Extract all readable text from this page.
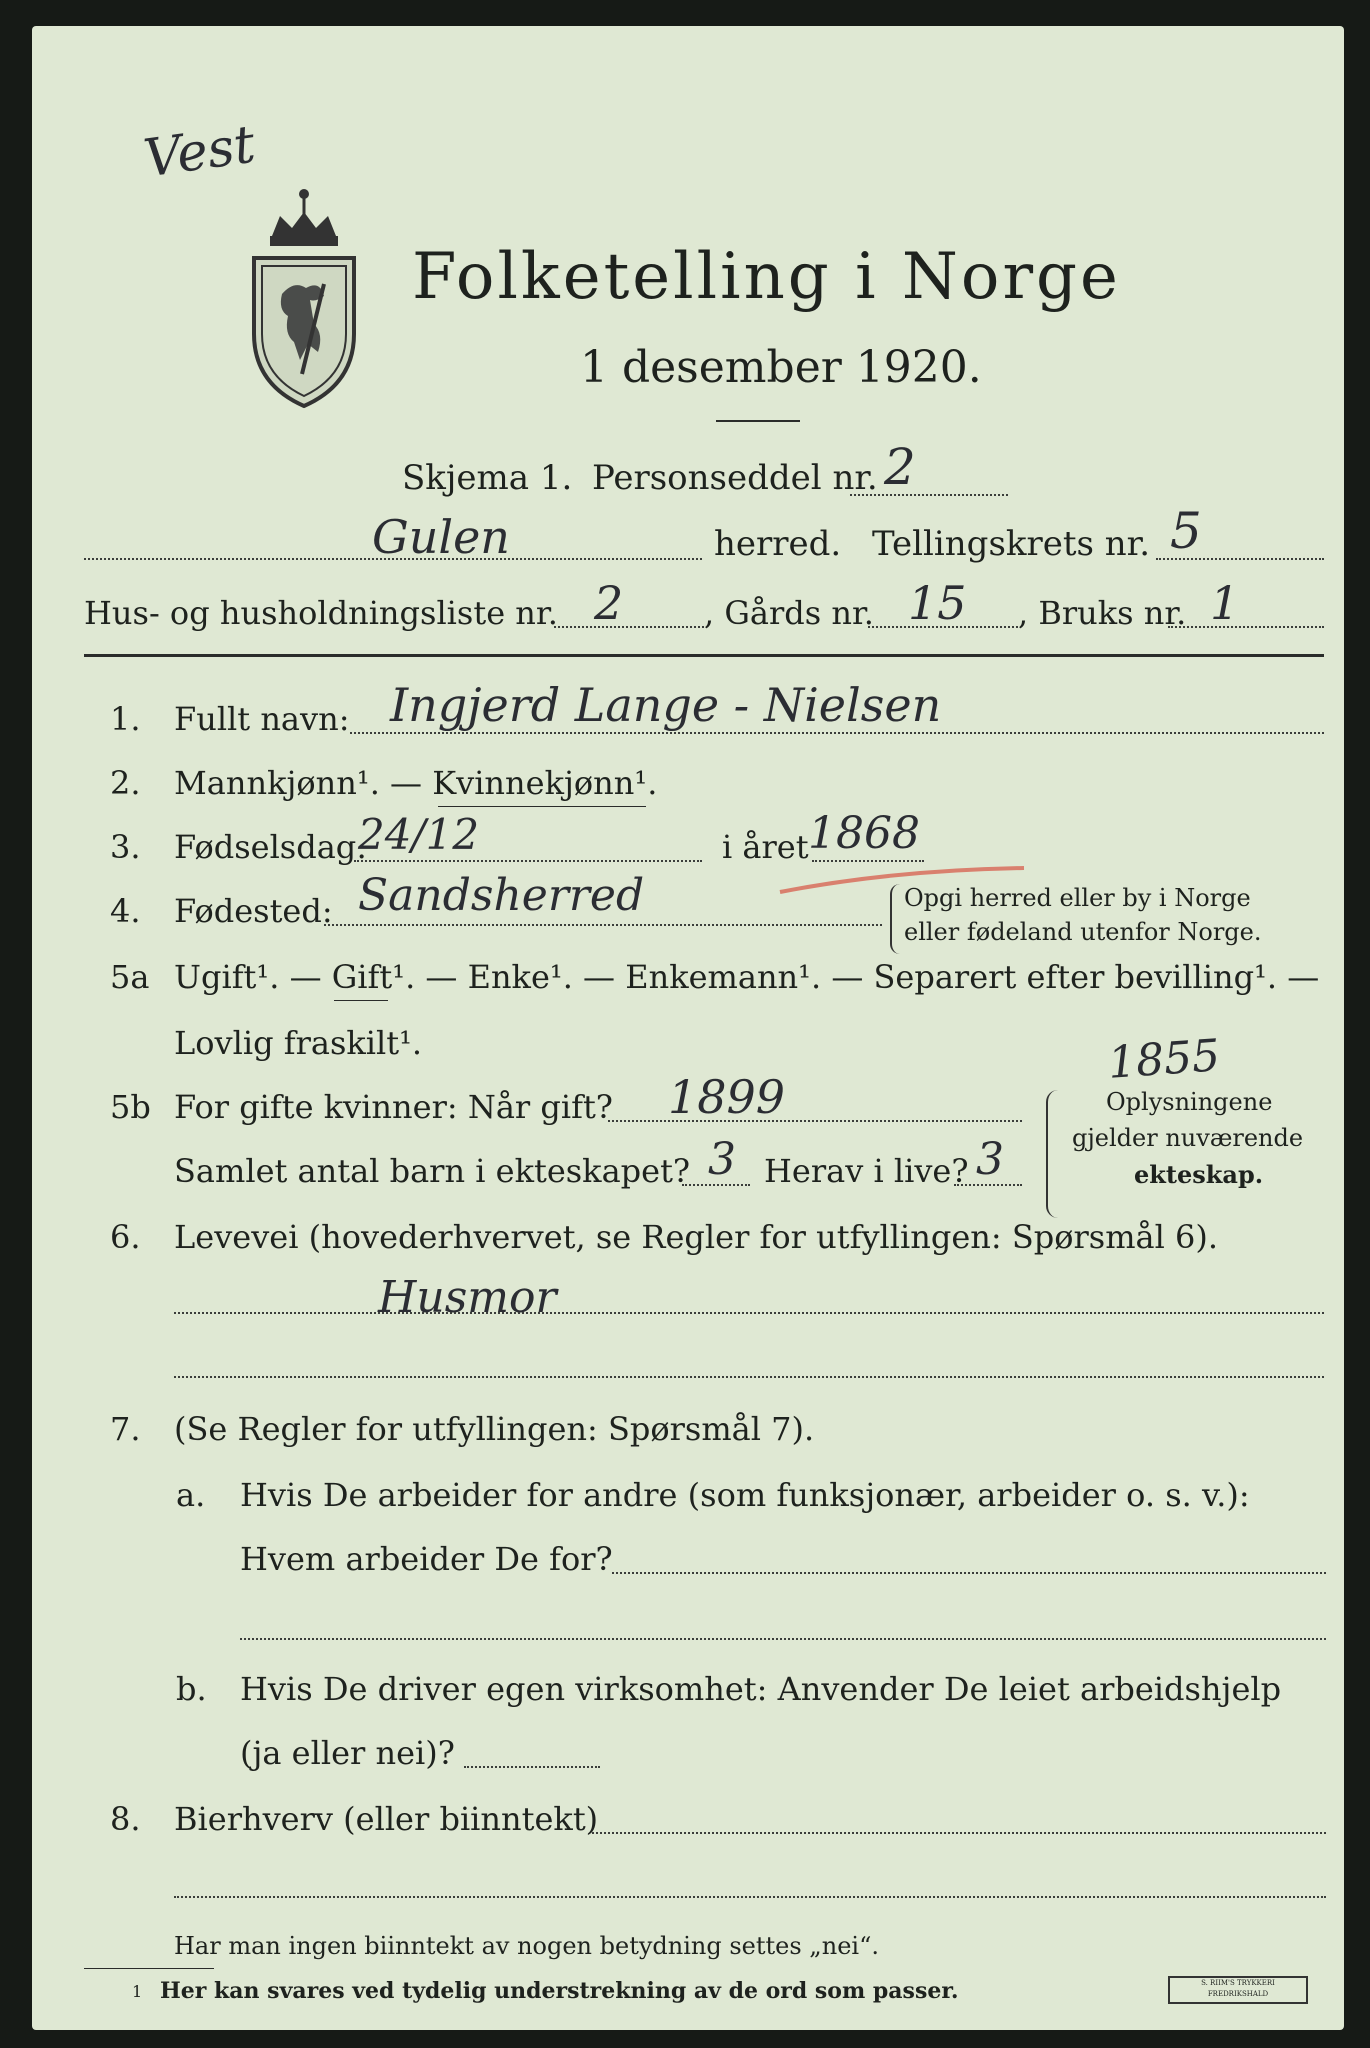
Vest
Folketelling i Norge
1 desember 1920.
Skjema 1. Personseddel nr. 2
Gulen	herred. Tellingskrets nr. 5
Hus- og husholdningsliste nr. 2	, Gårds nr. 15 , Bruks nr. 1
1. Fullt navn: Ingjerd Lange - Nielsen
2. Mannkjønn¹. — Kvinnekjønn¹.
3. Fødselsdag:
24/12	i året 1868
4. Fødested: Sandsherred	Opgi herred eller by i Norge
eller fødeland utenfor Norge.
5a Ugift¹. — Gift¹. — Enke¹. — Enkemann¹. — Separert efter bevilling¹. —
Lovlig fraskilt¹.	1855
5b For gifte kvinner: Når gift? 1899
Samlet antal barn i ekteskapet? 3 Herav i live? 3
Oplysningene
gjelder nuværende
ekteskap.
6. Levevei (hovederhvervet, se Regler for utfyllingen: Spørsmål 6).
Husmor
7. (Se Regler for utfyllingen: Spørsmål 7).
a. Hvis De arbeider for andre (som funksjonær, arbeider o. s. v.):
Hvem arbeider De for?
b. Hvis De driver egen virksomhet: Anvender De leiet arbeidshjelp
(ja eller nei)?
8. Bierhverv (eller biinntekt)
Har man ingen biinntekt av nogen betydning settes „nei“.
1 Her kan svares ved tydelig understrekning av de ord som passer.	S. RIIM'S TRYKKERI FREDRIKSHALD
